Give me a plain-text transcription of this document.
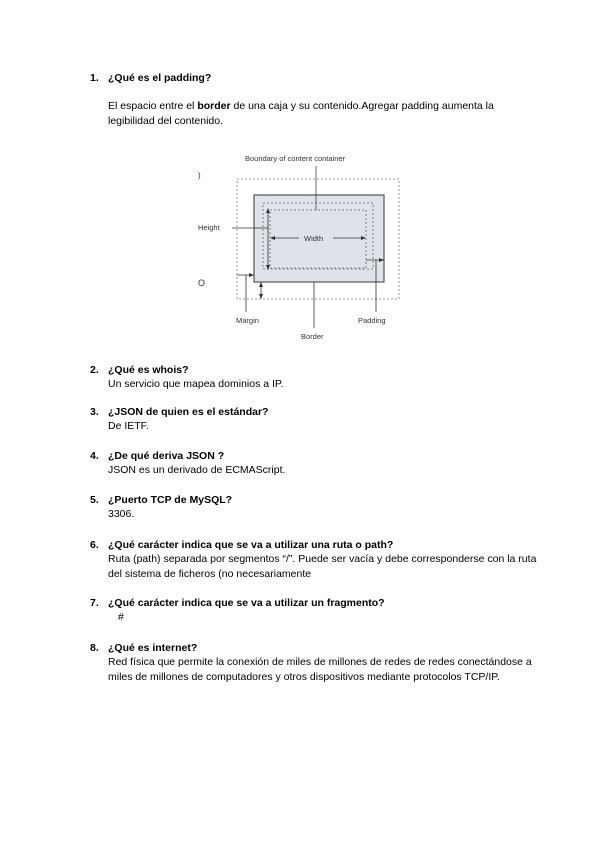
1. ¿Qué es el padding?
El espacio entre el border de una caja y su contenido.Agregar padding aumenta la legibilidad del contenido.
Boundary of content container
Height
Width
Margin
Border
Padding
)
O
2. ¿Qué es whois?
Un servicio que mapea dominios a IP.
3. ¿JSON de quien es el estándar?
De IETF.
4. ¿De qué deriva JSON ?
JSON es un derivado de ECMAScript.
5. ¿Puerto TCP de MySQL?
3306.
6. ¿Qué carácter indica que se va a utilizar una ruta o path?
Ruta (path) separada por segmentos “/”. Puede ser vacía y debe corresponderse con la ruta del sistema de ficheros (no necesariamente
7. ¿Qué carácter indica que se va a utilizar un fragmento?
#
8. ¿Qué es internet?
Red física que permite la conexión de miles de millones de redes de redes conectándose a miles de millones de computadores y otros dispositivos mediante protocolos TCP/IP.
